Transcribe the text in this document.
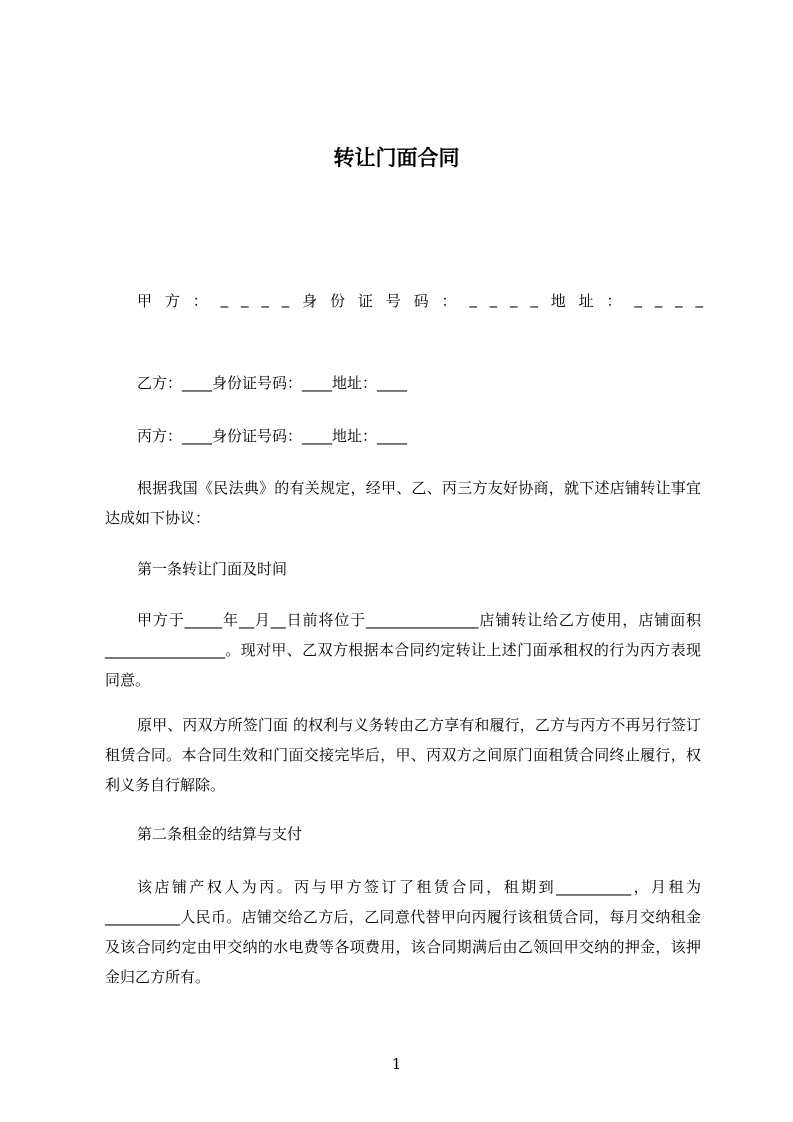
转让门面合同
甲 方 ： _ _ _ _ 身 份 证 号 码 ： _ _ _ _ 地 址 ： _ _ _ _
乙方：____身份证号码：____地址：____
丙方：____身份证号码：____地址：____
根据我国《民法典》的有关规定，经甲、乙、丙三方友好协商，就下述店铺转让事宜达成如下协议：
第一条转让门面及时间
甲方于_____年__月__日前将位于_______________店铺转让给乙方使用，店铺面积________________。现对甲、乙双方根据本合同约定转让上述门面承租权的行为丙方表现同意。
原甲、丙双方所签门面 的权利与义务转由乙方享有和履行，乙方与丙方不再另行签订租赁合同。本合同生效和门面交接完毕后，甲、丙双方之间原门面租赁合同终止履行，权利义务自行解除。
第二条租金的结算与支付
该店铺产权人为丙。丙与甲方签订了租赁合同，租期到__________，月租为__________人民币。店铺交给乙方后，乙同意代替甲向丙履行该租赁合同，每月交纳租金及该合同约定由甲交纳的水电费等各项费用，该合同期满后由乙领回甲交纳的押金，该押金归乙方所有。
1
